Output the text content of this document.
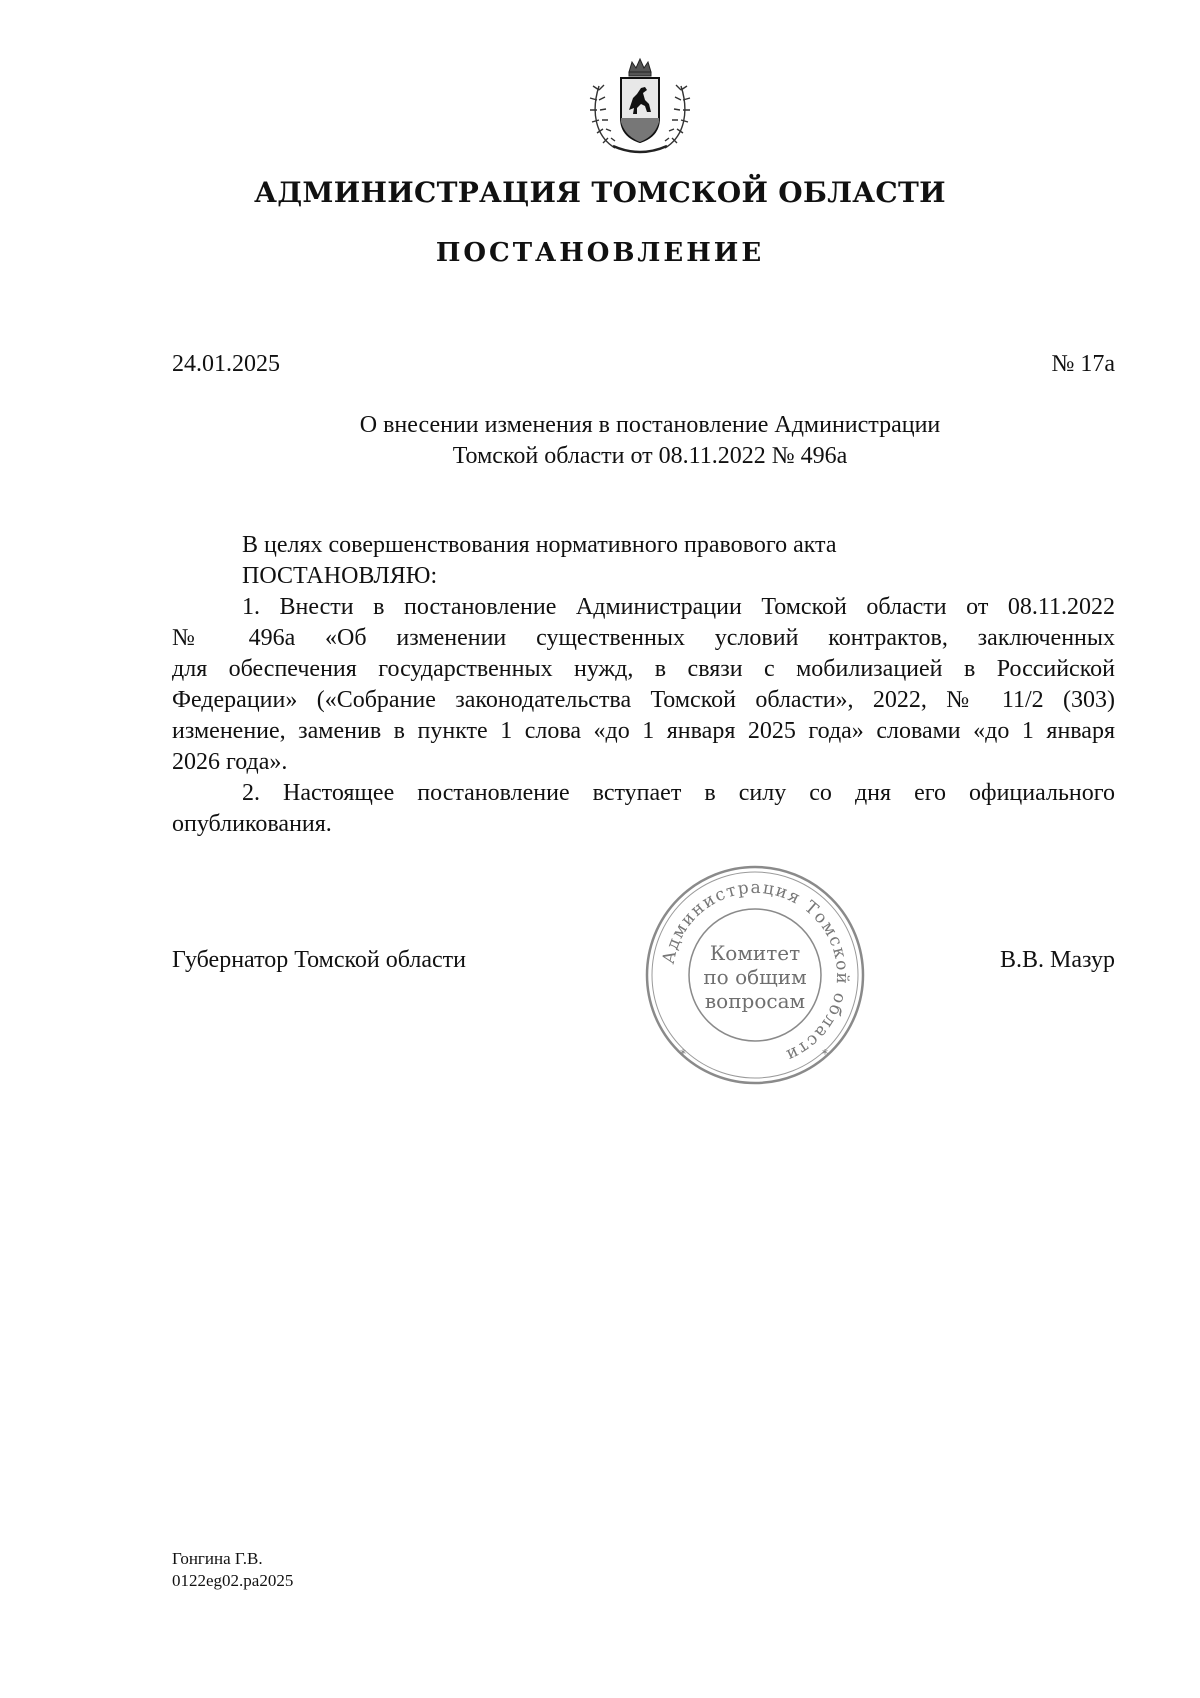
АДМИНИСТРАЦИЯ ТОМСКОЙ ОБЛАСТИ
ПОСТАНОВЛЕНИЕ
24.01.2025	№ 17а
О внесении изменения в постановление Администрации
Томской области от 08.11.2022 № 496а

В целях совершенствования нормативного правового акта

ПОСТАНОВЛЯЮ:

1. Внести в постановление Администрации Томской области от 08.11.2022

№ 496а «Об изменении существенных условий контрактов, заключенных

для обеспечения государственных нужд, в связи с мобилизацией в Российской

Федерации» («Собрание законодательства Томской области», 2022, № 11/2 (303)

изменение, заменив в пункте 1 слова «до 1 января 2025 года» словами «до 1 января

2026 года».

2. Настоящее постановление вступает в силу со дня его официального

опубликования.

Губернатор Томской области	В.В. Мазур
Администрация Томской области
*	*
Комитет
по общим
вопросам
Гонгина Г.В.
0122eg02.pa2025
